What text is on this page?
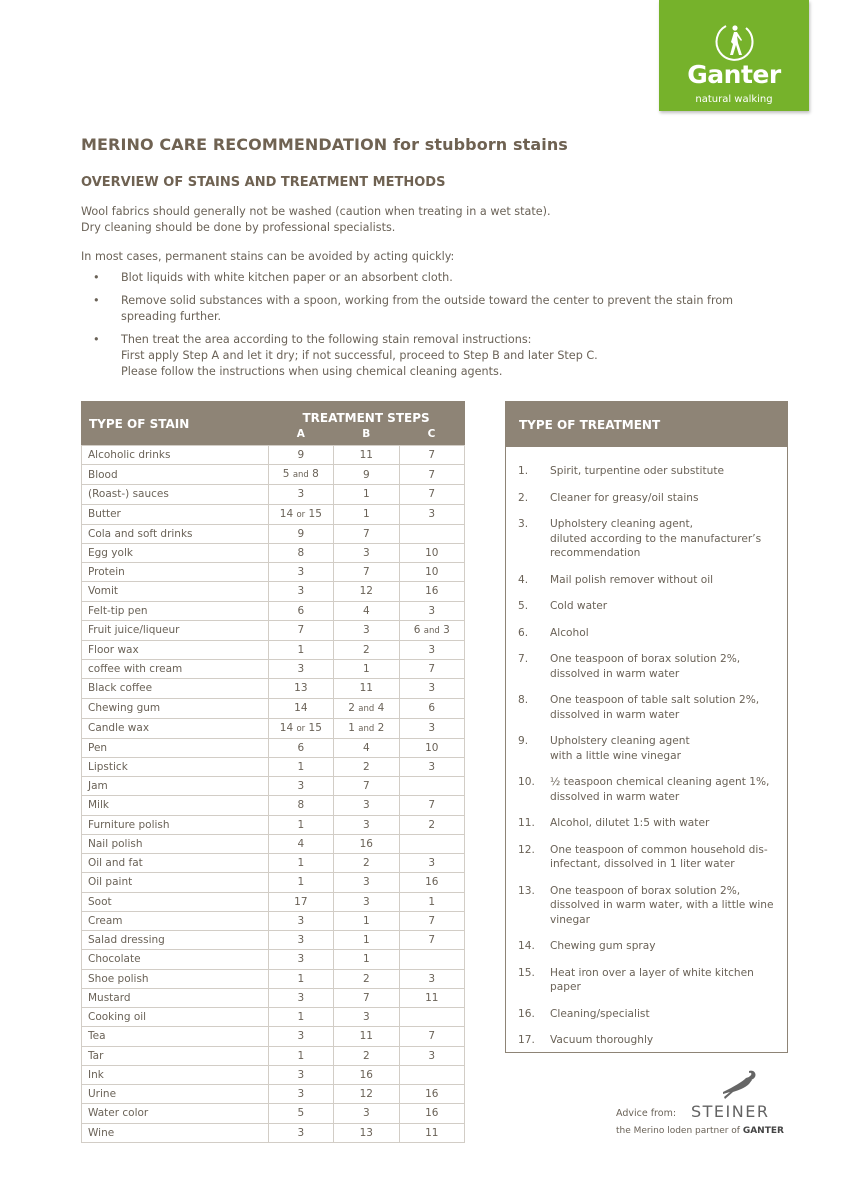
Ganter
natural walking
MERINO CARE RECOMMENDATION for stubborn stains
OVERVIEW OF STAINS AND TREATMENT METHODS
Wool fabrics should generally not be washed (caution when treating in a wet state).
Dry cleaning should be done by professional specialists.
In most cases, permanent stains can be avoided by acting quickly:
• Blot liquids with white kitchen paper or an absorbent cloth.
• Remove solid substances with a spoon, working from the outside toward the center to prevent the stain from
spreading further.
• Then treat the area according to the following stain removal instructions:
First apply Step A and let it dry; if not successful, proceed to Step B and later Step C.
Please follow the instructions when using chemical cleaning agents.
TYPE OF STAIN	TREATMENT STEPS		
	A	B	C
Alcoholic drinks	9	11	7
Blood	5 and 8	9	7
(Roast-) sauces	3	1	7
Butter	14 or 15	1	3
Cola and soft drinks	9	7	
Egg yolk	8	3	10
Protein	3	7	10
Vomit	3	12	16
Felt-tip pen	6	4	3
Fruit juice/liqueur	7	3	6 and 3
Floor wax	1	2	3
coffee with cream	3	1	7
Black coffee	13	11	3
Chewing gum	14	2 and 4	6
Candle wax	14 or 15	1 and 2	3
Pen	6	4	10
Lipstick	1	2	3
Jam	3	7	
Milk	8	3	7
Furniture polish	1	3	2
Nail polish	4	16	
Oil and fat	1	2	3
Oil paint	1	3	16
Soot	17	3	1
Cream	3	1	7
Salad dressing	3	1	7
Chocolate	3	1	
Shoe polish	1	2	3
Mustard	3	7	11
Cooking oil	1	3	
Tea	3	11	7
Tar	1	2	3
Ink	3	16	
Urine	3	12	16
Water color	5	3	16
Wine	3	13	11
TYPE OF TREATMENT
1.	Spirit, turpentine oder substitute
2.	Cleaner for greasy/oil stains
3.	Upholstery cleaning agent,
diluted according to the manufacturer’s
recommendation
4.	Mail polish remover without oil
5.	Cold water
6.	Alcohol
7.	One teaspoon of borax solution 2%,
dissolved in warm water
8.	One teaspoon of table salt solution 2%,
dissolved in warm water
9.	Upholstery cleaning agent
with a little wine vinegar
10.	½ teaspoon chemical cleaning agent 1%,
dissolved in warm water
11.	Alcohol, dilutet 1:5 with water
12.	One teaspoon of common household dis-
infectant, dissolved in 1 liter water
13.	One teaspoon of borax solution 2%,
dissolved in warm water, with a little wine
vinegar
14.	Chewing gum spray
15.	Heat iron over a layer of white kitchen
paper
16.	Cleaning/specialist
17.	Vacuum thoroughly
Advice from: STEINER
the Merino loden partner of GANTER
